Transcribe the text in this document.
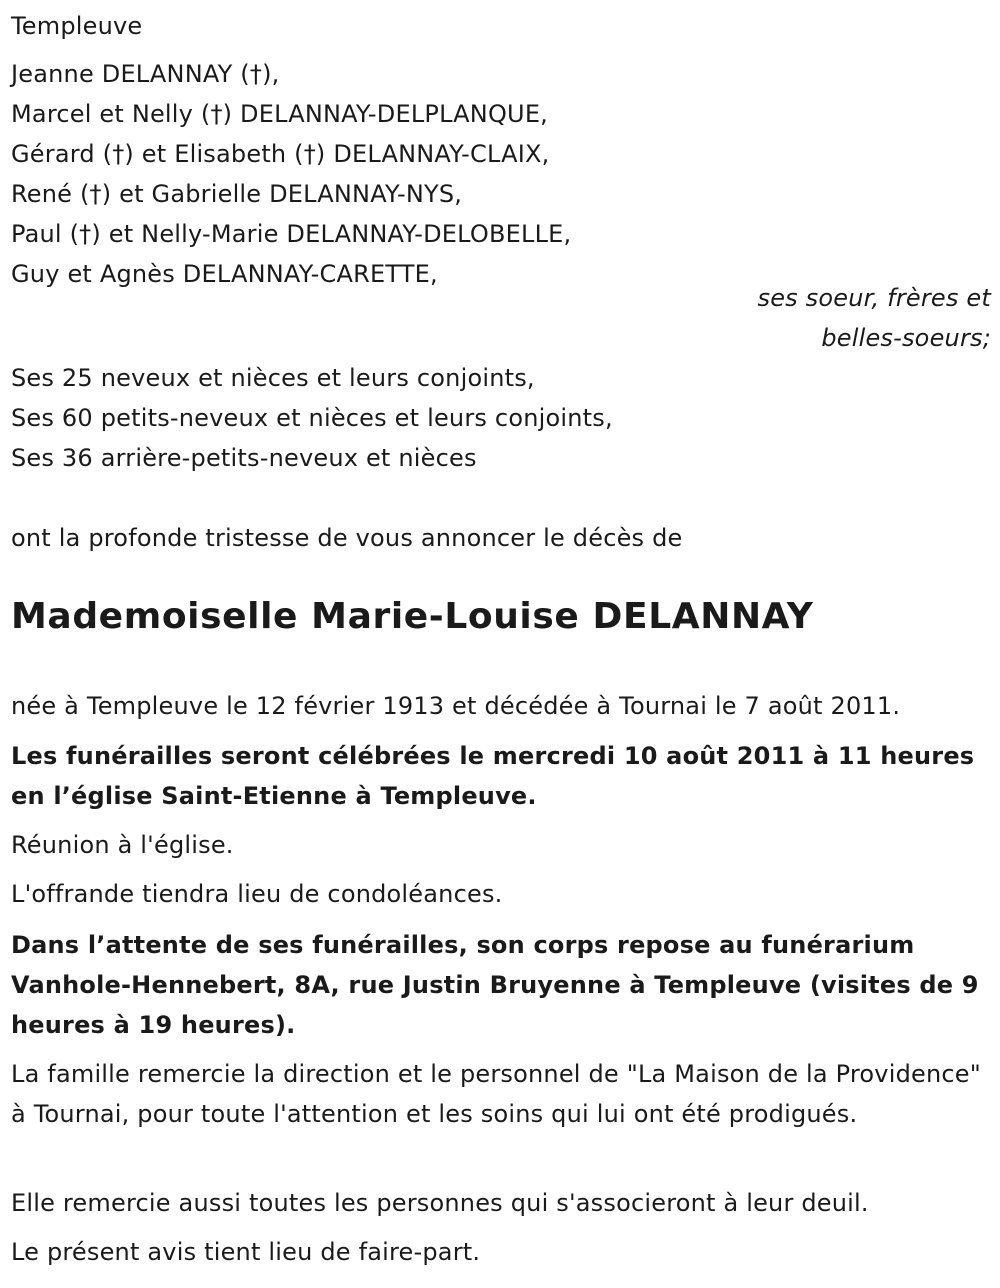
Templeuve
Jeanne DELANNAY (†),
Marcel et Nelly (†) DELANNAY-DELPLANQUE,
Gérard (†) et Elisabeth (†) DELANNAY-CLAIX,
René (†) et Gabrielle DELANNAY-NYS,
Paul (†) et Nelly-Marie DELANNAY-DELOBELLE,
Guy et Agnès DELANNAY-CARETTE,
ses soeur, frères et
belles-soeurs;
Ses 25 neveux et nièces et leurs conjoints,
Ses 60 petits-neveux et nièces et leurs conjoints,
Ses 36 arrière-petits-neveux et nièces
ont la profonde tristesse de vous annoncer le décès de
Mademoiselle Marie-Louise DELANNAY
née à Templeuve le 12 février 1913 et décédée à Tournai le 7 août 2011.
Les funérailles seront célébrées le mercredi 10 août 2011 à 11 heures en l’église Saint-Etienne à Templeuve.
Réunion à l'église.
L'offrande tiendra lieu de condoléances.
Dans l’attente de ses funérailles, son corps repose au funérarium Vanhole-Hennebert, 8A, rue Justin Bruyenne à Templeuve (visites de 9 heures à 19 heures).
La famille remercie la direction et le personnel de "La Maison de la Providence" à Tournai, pour toute l'attention et les soins qui lui ont été prodigués.
Elle remercie aussi toutes les personnes qui s'associeront à leur deuil.
Le présent avis tient lieu de faire-part.
